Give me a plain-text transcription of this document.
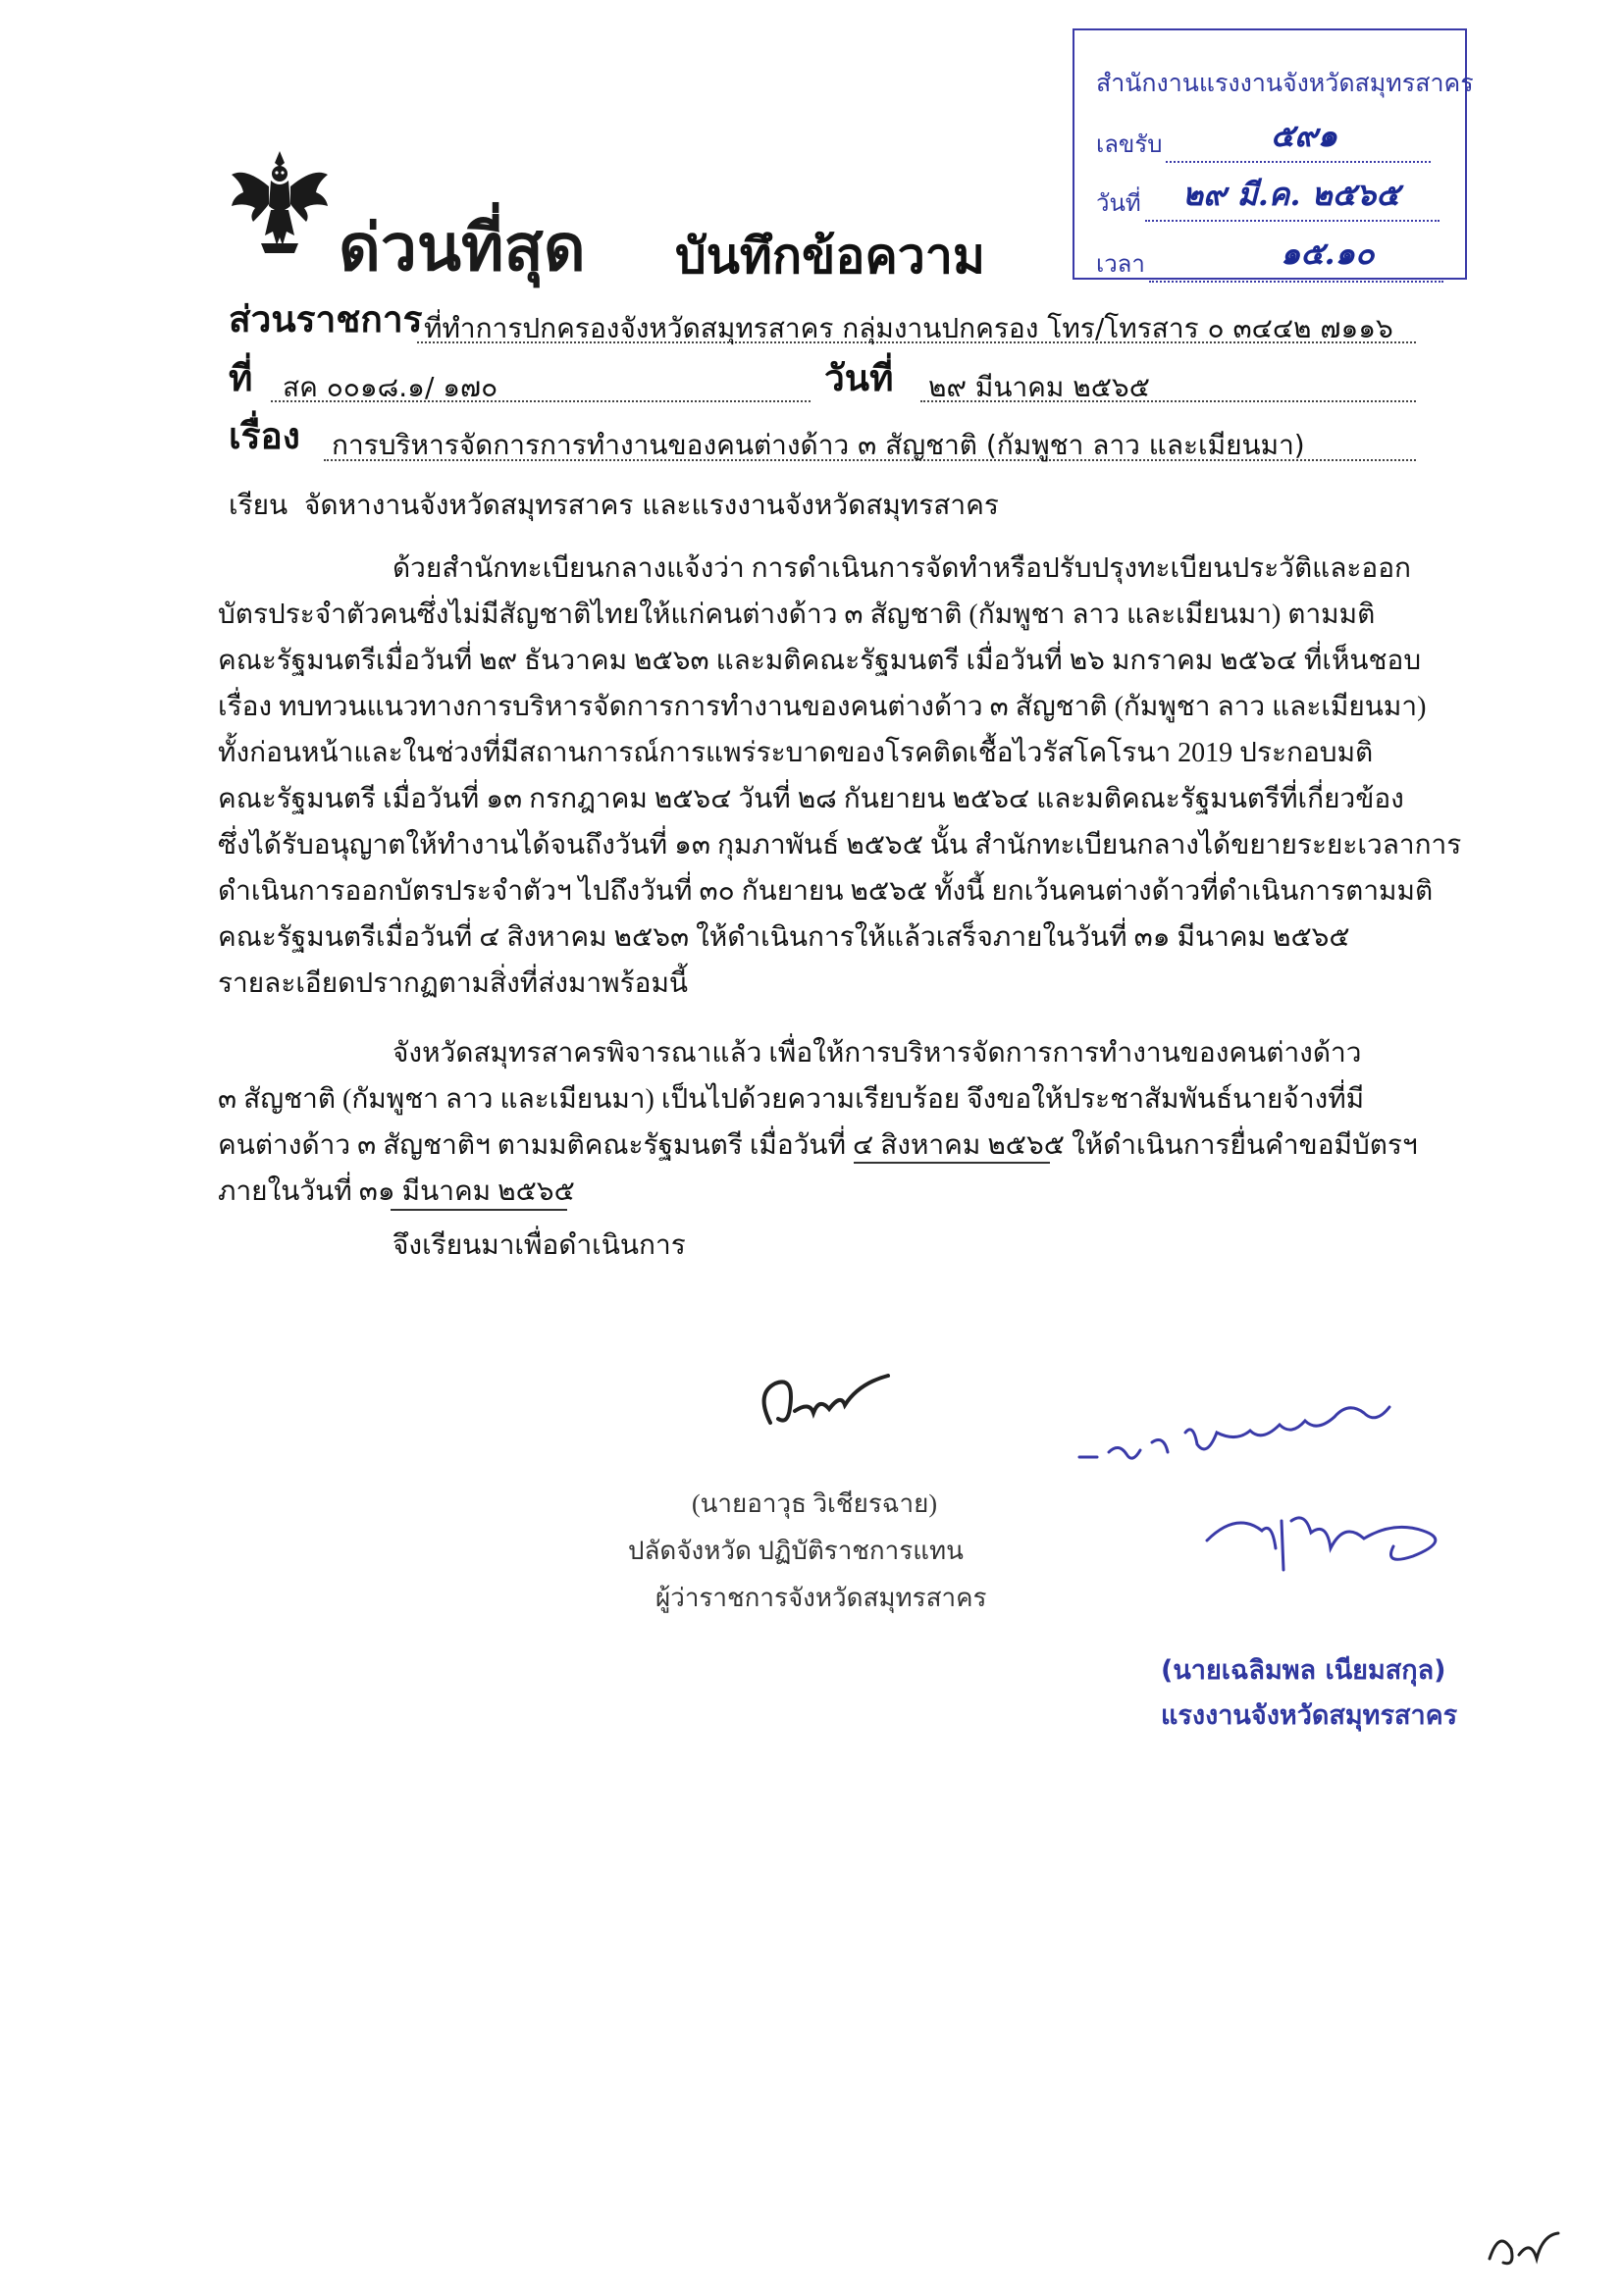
สำนักงานแรงงานจังหวัดสมุทรสาคร
เลขรับ	๕๙๑
วันที่ ๒๙ มี.ค. ๒๕๖๕
เวลา	๑๕.๑๐
ด่วนที่สุด บันทึกข้อความ
ส่วนราชการ ที่ทำการปกครองจังหวัดสมุทรสาคร กลุ่มงานปกครอง โทร/โทรสาร ๐ ๓๔๔๒ ๗๑๑๖
ที่ สค ๐๐๑๘.๑/ ๑๗๐	วันที่ ๒๙ มีนาคม ๒๕๖๕
เรื่อง การบริหารจัดการการทำงานของคนต่างด้าว ๓ สัญชาติ (กัมพูชา ลาว และเมียนมา)
เรียน จัดหางานจังหวัดสมุทรสาคร และแรงงานจังหวัดสมุทรสาคร
ด้วยสำนักทะเบียนกลางแจ้งว่า การดำเนินการจัดทำหรือปรับปรุงทะเบียนประวัติและออก
บัตรประจำตัวคนซึ่งไม่มีสัญชาติไทยให้แก่คนต่างด้าว ๓ สัญชาติ (กัมพูชา ลาว และเมียนมา) ตามมติ
คณะรัฐมนตรีเมื่อวันที่ ๒๙ ธันวาคม ๒๕๖๓ และมติคณะรัฐมนตรี เมื่อวันที่ ๒๖ มกราคม ๒๕๖๔ ที่เห็นชอบ
เรื่อง ทบทวนแนวทางการบริหารจัดการการทำงานของคนต่างด้าว ๓ สัญชาติ (กัมพูชา ลาว และเมียนมา)
ทั้งก่อนหน้าและในช่วงที่มีสถานการณ์การแพร่ระบาดของโรคติดเชื้อไวรัสโคโรนา 2019 ประกอบมติ
คณะรัฐมนตรี เมื่อวันที่ ๑๓ กรกฎาคม ๒๕๖๔ วันที่ ๒๘ กันยายน ๒๕๖๔ และมติคณะรัฐมนตรีที่เกี่ยวข้อง
ซึ่งได้รับอนุญาตให้ทำงานได้จนถึงวันที่ ๑๓ กุมภาพันธ์ ๒๕๖๕ นั้น สำนักทะเบียนกลางได้ขยายระยะเวลาการ
ดำเนินการออกบัตรประจำตัวฯ ไปถึงวันที่ ๓๐ กันยายน ๒๕๖๕ ทั้งนี้ ยกเว้นคนต่างด้าวที่ดำเนินการตามมติ
คณะรัฐมนตรีเมื่อวันที่ ๔ สิงหาคม ๒๕๖๓ ให้ดำเนินการให้แล้วเสร็จภายในวันที่ ๓๑ มีนาคม ๒๕๖๕
รายละเอียดปรากฏตามสิ่งที่ส่งมาพร้อมนี้
จังหวัดสมุทรสาครพิจารณาแล้ว เพื่อให้การบริหารจัดการการทำงานของคนต่างด้าว
๓ สัญชาติ (กัมพูชา ลาว และเมียนมา) เป็นไปด้วยความเรียบร้อย จึงขอให้ประชาสัมพันธ์นายจ้างที่มี
คนต่างด้าว ๓ สัญชาติฯ ตามมติคณะรัฐมนตรี เมื่อวันที่ ๔ สิงหาคม ๒๕๖๕ ให้ดำเนินการยื่นคำขอมีบัตรฯ
ภายในวันที่ ๓๑ มีนาคม ๒๕๖๕
จึงเรียนมาเพื่อดำเนินการ
(นายอาวุธ วิเชียรฉาย)
ปลัดจังหวัด ปฏิบัติราชการแทน
ผู้ว่าราชการจังหวัดสมุทรสาคร
(นายเฉลิมพล เนียมสกุล)
แรงงานจังหวัดสมุทรสาคร
